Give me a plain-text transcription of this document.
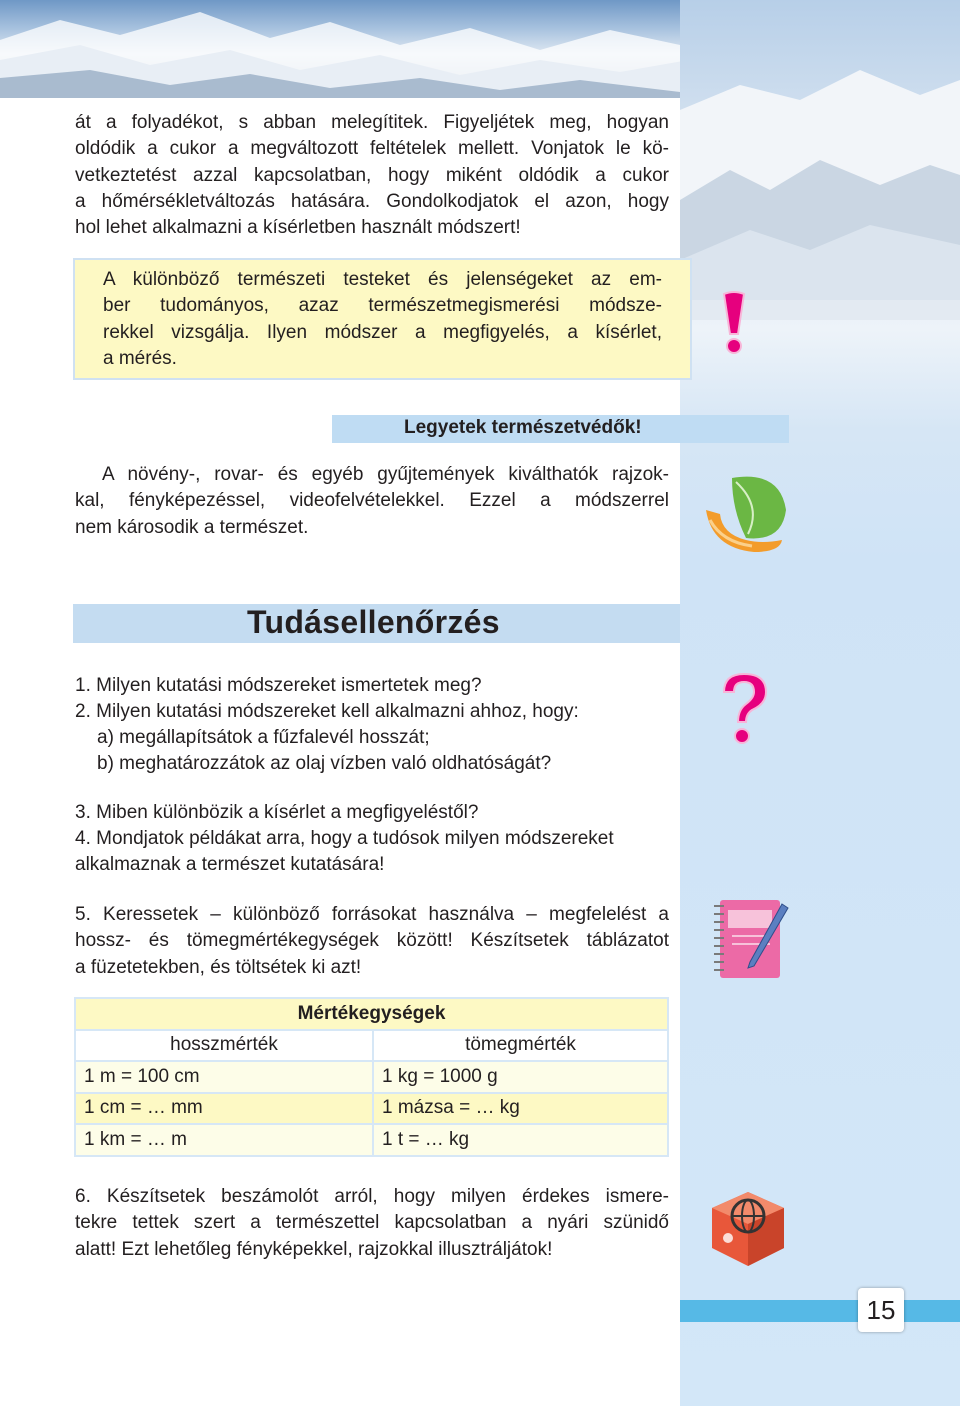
át a folyadékot, s abban melegítitek. Figyeljétek meg, hogyan

oldódik a cukor a megváltozott feltételek mellett. Vonjatok le kö-

vetkeztetést azzal kapcsolatban, hogy miként oldódik a cukor

a hőmérsékletváltozás hatására. Gondolkodjatok el azon, hogy

hol lehet alkalmazni a kísérletben használt módszert!

A különböző természeti testeket és jelenségeket az em-

ber tudományos, azaz természetmegismerési módsze-

rekkel vizsgálja. Ilyen módszer a megfigyelés, a kísérlet,

a mérés.

Legyetek természetvédők!

A növény-, rovar- és egyéb gyűjtemények kiválthatók rajzok-

kal, fényképezéssel, videofelvételekkel. Ezzel a módszerrel

nem károsodik a természet.

Tudásellenőrzés
1. Milyen kutatási módszereket ismertetek meg?
2. Milyen kutatási módszereket kell alkalmazni ahhoz, hogy:
a) megállapítsátok a fűzfalevél hosszát;
b) meghatározzátok az olaj vízben való oldhatóságát?
3. Miben különbözik a kísérlet a megfigyeléstől?
4. Mondjatok példákat arra, hogy a tudósok milyen módszereket
alkalmaznak a természet kutatására!

5. Keressetek – különböző forrásokat használva – megfelelést a

hossz- és tömegmértékegységek között! Készítsetek táblázatot

a füzetetekben, és töltsétek ki azt!

Mértékegységek	
hosszmérték	tömegmérték
1 m = 100 cm	1 kg = 1000 g
1 cm = … mm	1 mázsa = … kg
1 km = … m	1 t = … kg

6. Készítsetek beszámolót arról, hogy milyen érdekes ismere-

tekre tettek szert a természettel kapcsolatban a nyári szünidő

alatt! Ezt lehetőleg fényképekkel, rajzokkal illusztráljátok!

15
